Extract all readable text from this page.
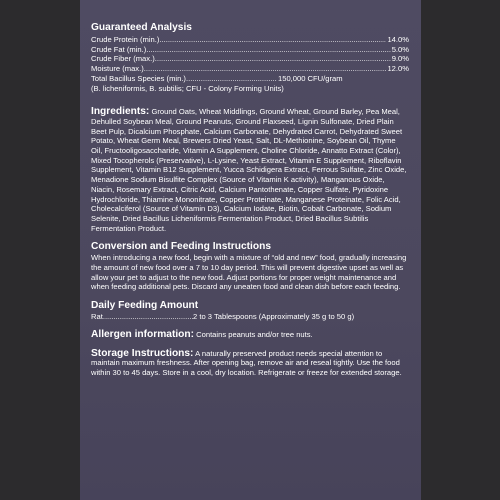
Guaranteed Analysis
Crude Protein (min.) .....	14.0%
Crude Fat (min.) .....	5.0%
Crude Fiber (max.) .....	9.0%
Moisture (max.) .....	12.0%
Total Bacillus Species (min.) .....	150,000 CFU/gram

(B. licheniformis, B. subtilis; CFU - Colony Forming Units)

Ingredients: Ground Oats, Wheat Middlings, Ground Wheat, Ground Barley, Pea Meal, Dehulled Soybean Meal, Ground Peanuts, Ground Flaxseed, Lignin Sulfonate, Dried Plain Beet Pulp, Dicalcium Phosphate, Calcium Carbonate, Dehydrated Carrot, Dehydrated Sweet Potato, Wheat Germ Meal, Brewers Dried Yeast, Salt, DL-Methionine, Soybean Oil, Thyme Oil, Fructooligosaccharide, Vitamin A Supplement, Choline Chloride, Annatto Extract (Color), Mixed Tocopherols (Preservative), L-Lysine, Yeast Extract, Vitamin E Supplement, Riboflavin Supplement, Vitamin B12 Supplement, Yucca Schidigera Extract, Ferrous Sulfate, Zinc Oxide, Menadione Sodium Bisulfite Complex (Source of Vitamin K activity), Manganous Oxide, Niacin, Rosemary Extract, Citric Acid, Calcium Pantothenate, Copper Sulfate, Pyridoxine Hydrochloride, Thiamine Mononitrate, Copper Proteinate, Manganese Proteinate, Folic Acid, Cholecalciferol (Source of Vitamin D3), Calcium Iodate, Biotin, Cobalt Carbonate, Sodium Selenite, Dried Bacillus Licheniformis Fermentation Product, Dried Bacillus Subtilis Fermentation Product.

Conversion and Feeding Instructions

When introducing a new food, begin with a mixture of “old and new” food, gradually increasing the amount of new food over a 7 to 10 day period. This will prevent digestive upset as well as allow your pet to adjust to the new food. Adjust portions for proper weight maintenance and when feeding additional pets. Discard any uneaten food and clean dish before each feeding.

Daily Feeding Amount
Rat .....	2 to 3 Tablespoons (Approximately 35 g to 50 g)

Allergen information: Contains peanuts and/or tree nuts.

Storage Instructions: A naturally preserved product needs special attention to maintain maximum freshness. After opening bag, remove air and reseal tightly. Use the food within 30 to 45 days. Store in a cool, dry location. Refrigerate or freeze for extended storage.
